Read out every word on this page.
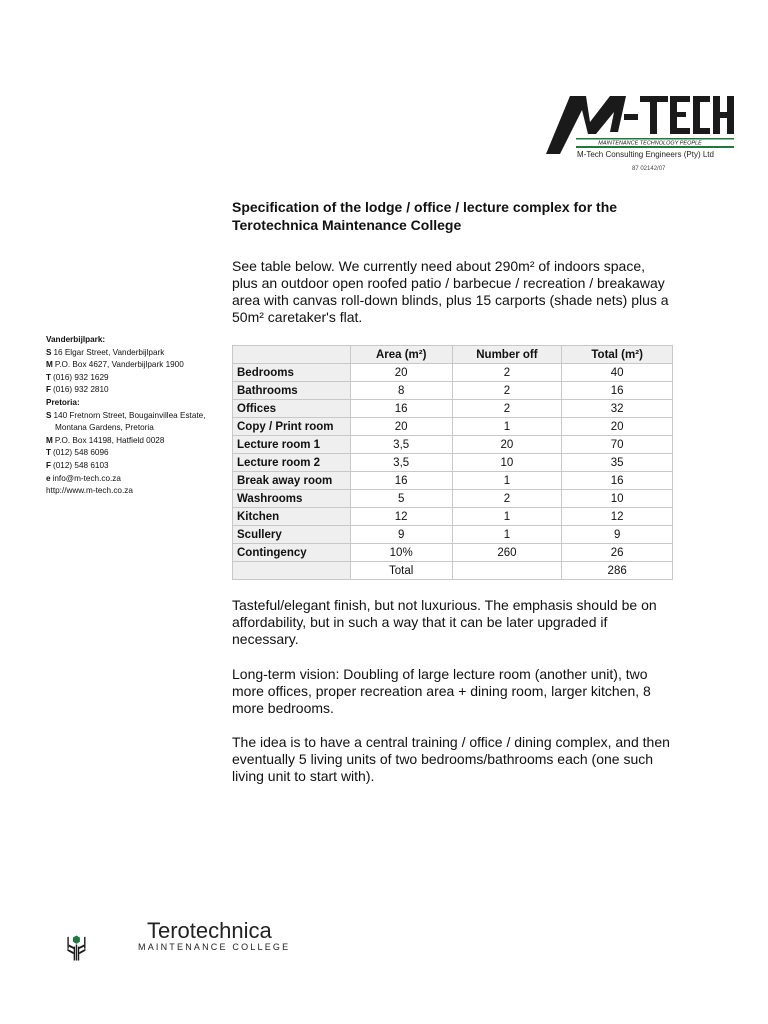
MAINTENANCE TECHNOLOGY PEOPLE
M-Tech Consulting Engineers (Pty) Ltd
87 02142/07
Specification of the lodge / office / lecture complex for the Terotechnica Maintenance College

See table below. We currently need about 290m² of indoors space, plus an outdoor open roofed patio / barbecue / recreation / breakaway area with canvas roll-down blinds, plus 15 carports (shade nets) plus a 50m² caretaker's flat.

Vanderbijlpark:
S 16 Elgar Street, Vanderbijlpark
M P.O. Box 4627, Vanderbijlpark 1900
T (016) 932 1629
F (016) 932 2810
Pretoria:
S 140 Fretnorn Street, Bougainvillea Estate,
Montana Gardens, Pretoria
M P.O. Box 14198, Hatfield 0028
T (012) 548 6096
F (012) 548 6103
e info@m-tech.co.za
http://www.m-tech.co.za
	Area (m²)	Number off	Total (m²)
Bedrooms	20	2	40
Bathrooms	8	2	16
Offices	16	2	32
Copy / Print room	20	1	20
Lecture room 1	3,5	20	70
Lecture room 2	3,5	10	35
Break away room	16	1	16
Washrooms	5	2	10
Kitchen	12	1	12
Scullery	9	1	9
Contingency	10%	260	26
	Total		286

Tasteful/elegant finish, but not luxurious. The emphasis should be on affordability, but in such a way that it can be later upgraded if necessary.

Long-term vision: Doubling of large lecture room (another unit), two more offices, proper recreation area + dining room, larger kitchen, 8 more bedrooms.

The idea is to have a central training / office / dining complex, and then eventually 5 living units of two bedrooms/bathrooms each (one such living unit to start with).

Terotechnica
MAINTENANCE COLLEGE
